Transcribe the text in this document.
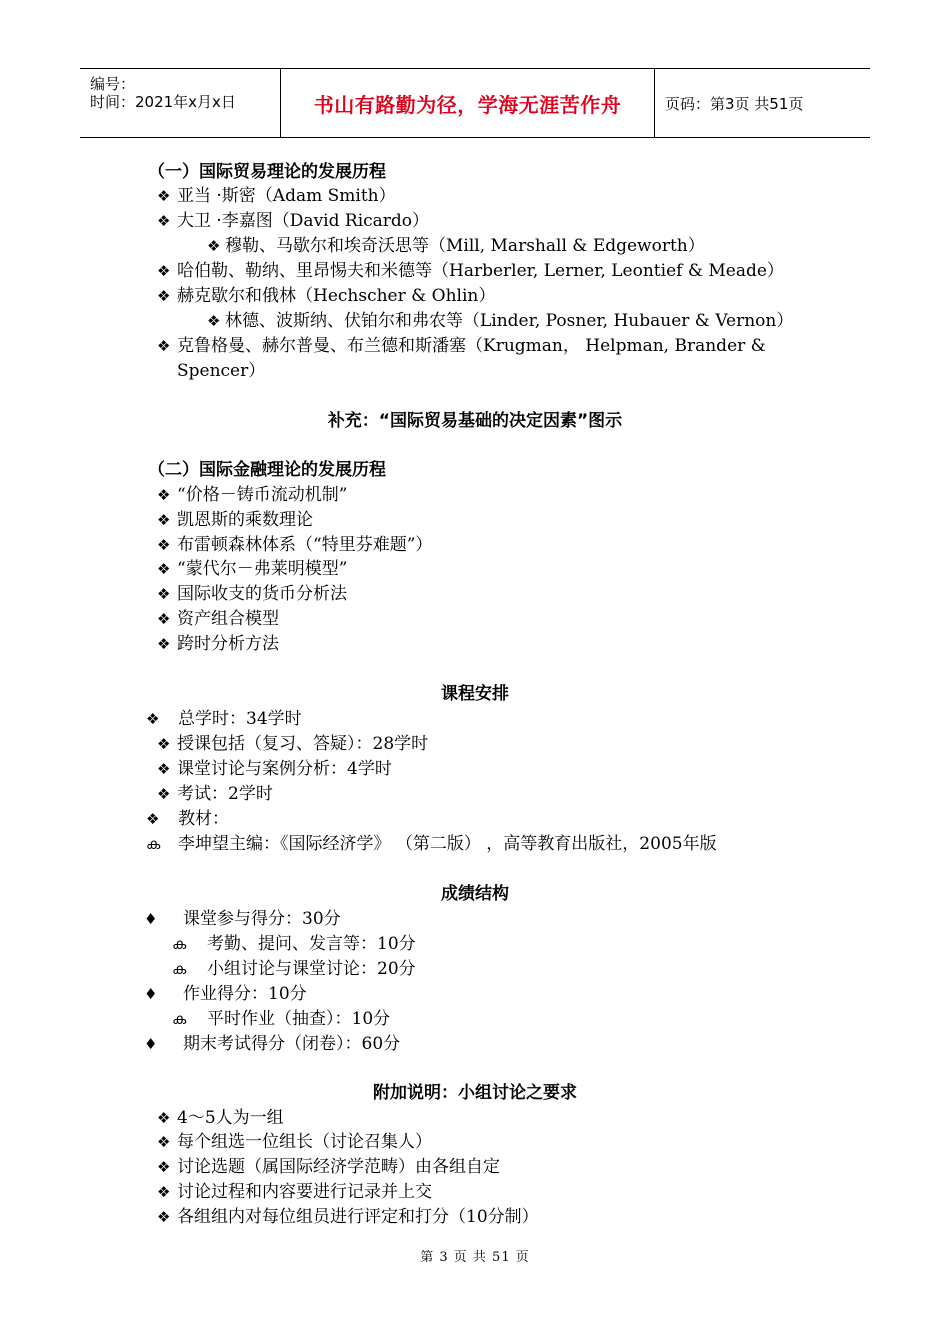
编号：
时间：2021年x月x日	书山有路勤为径，学海无涯苦作舟	页码：第3页 共51页
（一）国际贸易理论的发展历程
❖ 亚当 ·斯密（Adam Smith）
❖ 大卫 ·李嘉图（David Ricardo）
❖ 穆勒、马歇尔和埃奇沃思等（Mill, Marshall & Edgeworth）
❖ 哈伯勒、勒纳、里昂惕夫和米德等（Harberler, Lerner, Leontief & Meade）
❖ 赫克歇尔和俄林（Hechscher & Ohlin）
❖ 林德、波斯纳、伏铂尔和弗农等（Linder, Posner, Hubauer & Vernon）
❖ 克鲁格曼、赫尔普曼、布兰德和斯潘塞（Krugman， Helpman, Brander &
Spencer）
补充：“国际贸易基础的决定因素”图示
（二）国际金融理论的发展历程
❖ “价格－铸币流动机制”
❖ 凯恩斯的乘数理论
❖ 布雷顿森林体系（“特里芬难题”）
❖ “蒙代尔－弗莱明模型”
❖ 国际收支的货币分析法
❖ 资产组合模型
❖ 跨时分析方法
课程安排
❖ 总学时：34学时
❖ 授课包括（复习、答疑）：28学时
❖ 课堂讨论与案例分析：4学时
❖ 考试：2学时
❖ 教材：
ക 李坤望主编：《国际经济学》 （第二版） ，高等教育出版社，2005年版
成绩结构
♦ 课堂参与得分：30分
ക 考勤、提问、发言等：10分
ക 小组讨论与课堂讨论：20分
♦ 作业得分：10分
ക 平时作业（抽查）：10分
♦ 期末考试得分（闭卷）：60分
附加说明：小组讨论之要求
❖ 4～5人为一组
❖ 每个组选一位组长（讨论召集人）
❖ 讨论选题（属国际经济学范畴）由各组自定
❖ 讨论过程和内容要进行记录并上交
❖ 各组组内对每位组员进行评定和打分（10分制）
第 3 页 共 51 页
